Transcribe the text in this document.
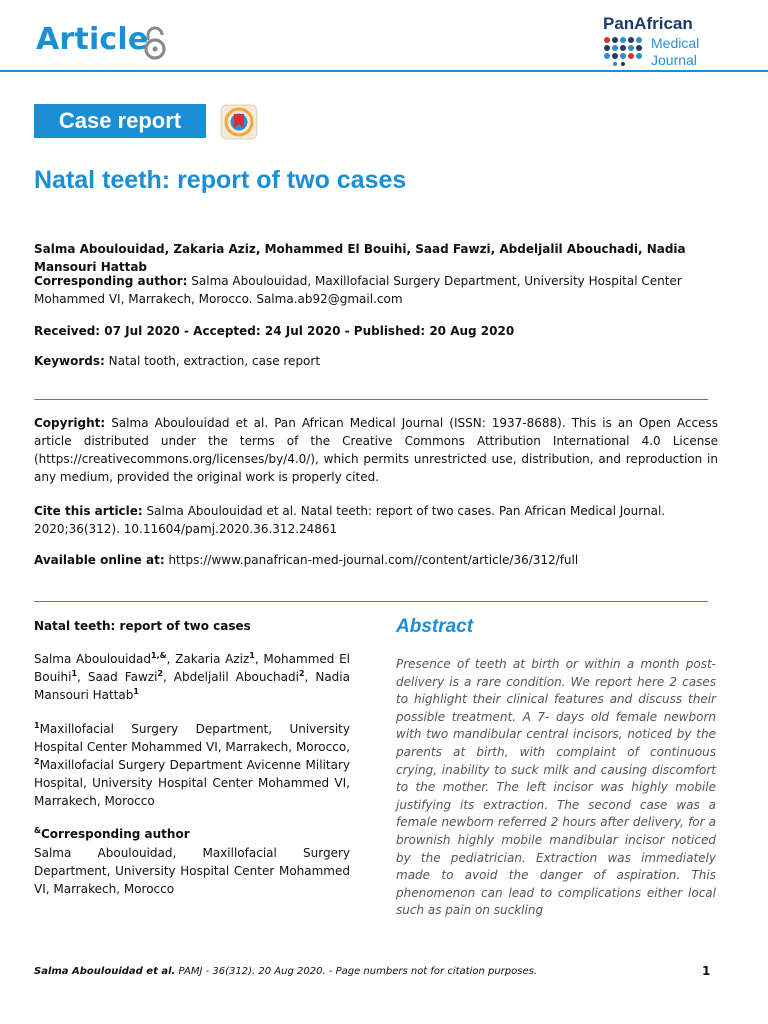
Article	PanAfrican
Medical
Journal
Case report
Natal teeth: report of two cases
Salma Aboulouidad, Zakaria Aziz, Mohammed El Bouihi, Saad Fawzi, Abdeljalil Abouchadi, Nadia Mansouri Hattab
Corresponding author: Salma Aboulouidad, Maxillofacial Surgery Department, University Hospital Center Mohammed VI, Marrakech, Morocco. Salma.ab92@gmail.com
Received: 07 Jul 2020 - Accepted: 24 Jul 2020 - Published: 20 Aug 2020
Keywords: Natal tooth, extraction, case report
Copyright: Salma Aboulouidad et al. Pan African Medical Journal (ISSN: 1937-8688). This is an Open Access article distributed under the terms of the Creative Commons Attribution International 4.0 License (https://creativecommons.org/licenses/by/4.0/), which permits unrestricted use, distribution, and reproduction in any medium, provided the original work is properly cited.
Cite this article: Salma Aboulouidad et al. Natal teeth: report of two cases. Pan African Medical Journal. 2020;36(312). 10.11604/pamj.2020.36.312.24861
Available online at: https://www.panafrican-med-journal.com//content/article/36/312/full
Natal teeth: report of two cases
Salma Aboulouidad$^{1,\&}$, Zakaria Aziz$^1$, Mohammed El Bouihi$^1$, Saad Fawzi$^2$, Abdeljalil Abouchadi$^2$, Nadia Mansouri Hattab$^1$
$^1$Maxillofacial Surgery Department, University Hospital Center Mohammed VI, Marrakech, Morocco, $^2$Maxillofacial Surgery Department Avicenne Military Hospital, University Hospital Center Mohammed VI, Marrakech, Morocco
&Corresponding author
Salma Aboulouidad, Maxillofacial Surgery Department, University Hospital Center Mohammed VI, Marrakech, Morocco
Abstract
Presence of teeth at birth or within a month post-delivery is a rare condition. We report here 2 cases to highlight their clinical features and discuss their possible treatment. A 7- days old female newborn with two mandibular central incisors, noticed by the parents at birth, with complaint of continuous crying, inability to suck milk and causing discomfort to the mother. The left incisor was highly mobile justifying its extraction. The second case was a female newborn referred 2 hours after delivery, for a brownish highly mobile mandibular incisor noticed by the pediatrician. Extraction was immediately made to avoid the danger of aspiration. This phenomenon can lead to complications either local such as pain on suckling
Salma Aboulouidad et al. PAMJ - 36(312). 20 Aug 2020. - Page numbers not for citation purposes.	1
